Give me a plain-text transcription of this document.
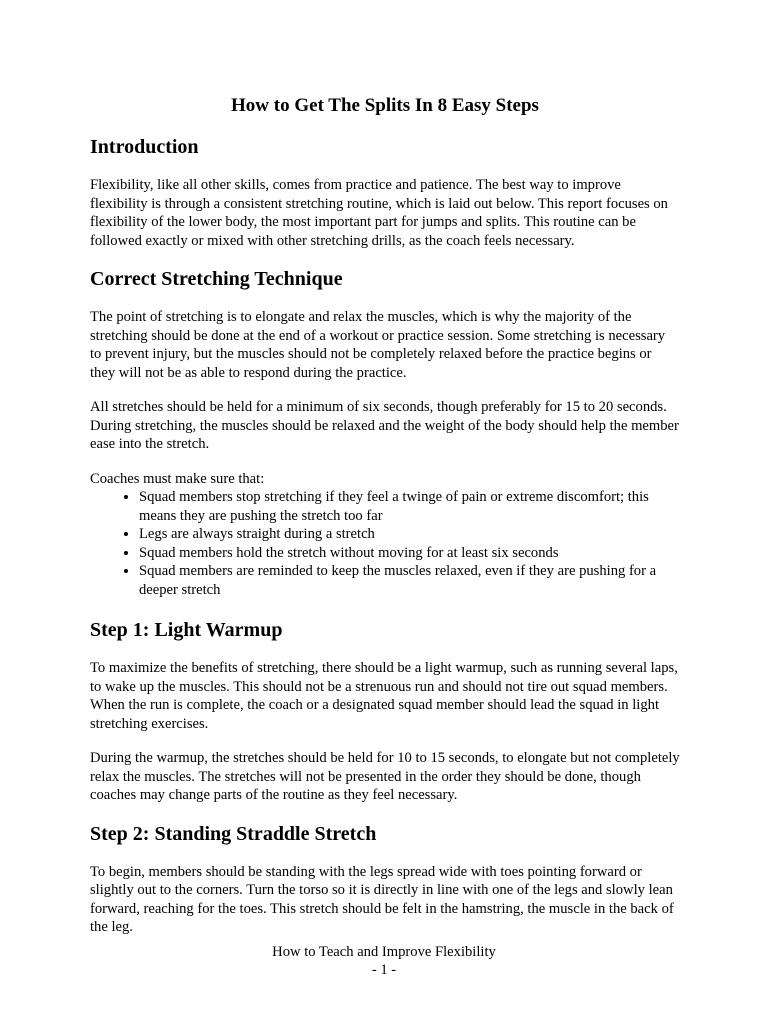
How to Get The Splits In 8 Easy Steps
Introduction

Flexibility, like all other skills, comes from practice and patience. The best way to improve flexibility is through a consistent stretching routine, which is laid out below. This report focuses on flexibility of the lower body, the most important part for jumps and splits. This routine can be followed exactly or mixed with other stretching drills, as the coach feels necessary.

Correct Stretching Technique

The point of stretching is to elongate and relax the muscles, which is why the majority of the stretching should be done at the end of a workout or practice session. Some stretching is necessary to prevent injury, but the muscles should not be completely relaxed before the practice begins or they will not be as able to respond during the practice.

All stretches should be held for a minimum of six seconds, though preferably for 15 to 20 seconds. During stretching, the muscles should be relaxed and the weight of the body should help the member ease into the stretch.

Coaches must make sure that:

• Squad members stop stretching if they feel a twinge of pain or extreme discomfort; this means they are pushing the stretch too far
• Legs are always straight during a stretch
• Squad members hold the stretch without moving for at least six seconds
• Squad members are reminded to keep the muscles relaxed, even if they are pushing for a deeper stretch
Step 1: Light Warmup

To maximize the benefits of stretching, there should be a light warmup, such as running several laps, to wake up the muscles. This should not be a strenuous run and should not tire out squad members. When the run is complete, the coach or a designated squad member should lead the squad in light stretching exercises.

During the warmup, the stretches should be held for 10 to 15 seconds, to elongate but not completely relax the muscles. The stretches will not be presented in the order they should be done, though coaches may change parts of the routine as they feel necessary.

Step 2: Standing Straddle Stretch

To begin, members should be standing with the legs spread wide with toes pointing forward or slightly out to the corners. Turn the torso so it is directly in line with one of the legs and slowly lean forward, reaching for the toes. This stretch should be felt in the hamstring, the muscle in the back of the leg.

How to Teach and Improve Flexibility
- 1 -
